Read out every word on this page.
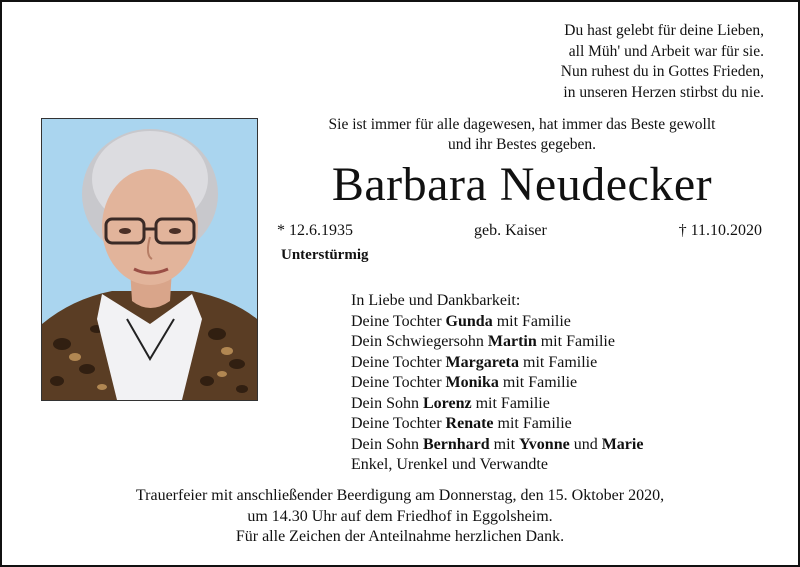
Du hast gelebt für deine Lieben,
all Müh' und Arbeit war für sie.
Nun ruhest du in Gottes Frieden,
in unseren Herzen stirbst du nie.
Sie ist immer für alle dagewesen, hat immer das Beste gewollt
und ihr Bestes gegeben.
Barbara Neudecker
* 12.6.1935	geb. Kaiser	† 11.10.2020
Unterstürmig
In Liebe und Dankbarkeit:
Deine Tochter Gunda mit Familie
Dein Schwiegersohn Martin mit Familie
Deine Tochter Margareta mit Familie
Deine Tochter Monika mit Familie
Dein Sohn Lorenz mit Familie
Deine Tochter Renate mit Familie
Dein Sohn Bernhard mit Yvonne und Marie
Enkel, Urenkel und Verwandte
Trauerfeier mit anschließender Beerdigung am Donnerstag, den 15. Oktober 2020,
um 14.30 Uhr auf dem Friedhof in Eggolsheim.
Für alle Zeichen der Anteilnahme herzlichen Dank.
